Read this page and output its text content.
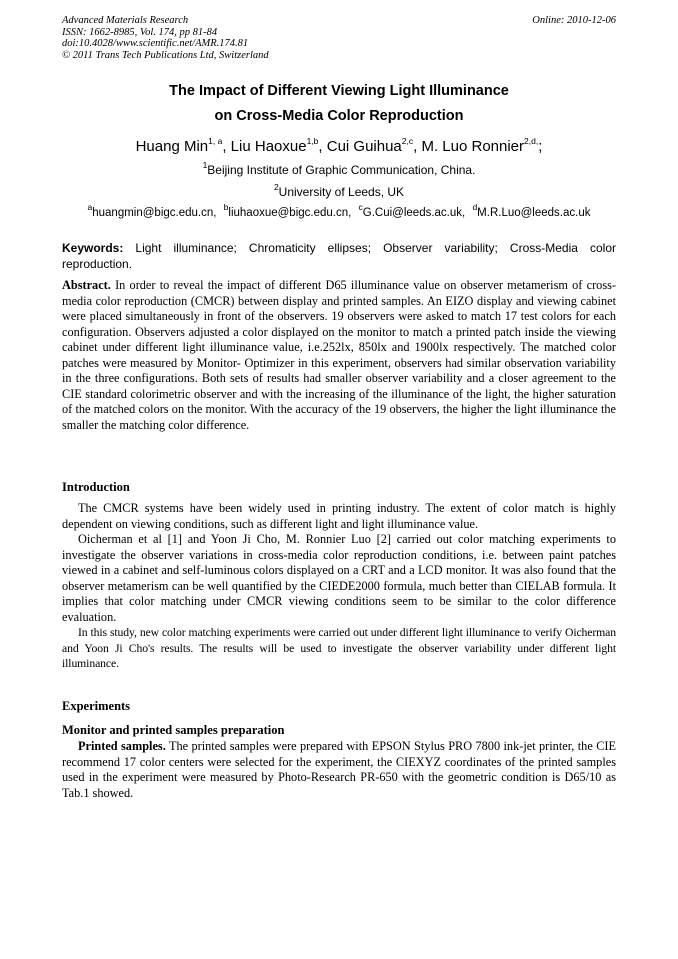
Advanced Materials Research
ISSN: 1662-8985, Vol. 174, pp 81-84
doi:10.4028/www.scientific.net/AMR.174.81
© 2011 Trans Tech Publications Ltd, Switzerland
Online: 2010-12-06
The Impact of Different Viewing Light Illuminance
on Cross-Media Color Reproduction
Huang Min$^{1, a}$, Liu Haoxue$^{1,b}$, Cui Guihua$^{2,c}$, M. Luo Ronnier$^{2,d,}$;
$^1$Beijing Institute of Graphic Communication, China.
$^2$University of Leeds, UK
$^a$huangmin@bigc.edu.cn, $^b$liuhaoxue@bigc.edu.cn, $^c$G.Cui@leeds.ac.uk, $^d$M.R.Luo@leeds.ac.uk
Keywords: Light illuminance; Chromaticity ellipses; Observer variability; Cross-Media color reproduction.
Abstract. In order to reveal the impact of different D65 illuminance value on observer metamerism of cross-media color reproduction (CMCR) between display and printed samples. An EIZO display and viewing cabinet were placed simultaneously in front of the observers. 19 observers were asked to match 17 test colors for each configuration. Observers adjusted a color displayed on the monitor to match a printed patch inside the viewing cabinet under different light illuminance value, i.e.252lx, 850lx and 1900lx respectively. The matched color patches were measured by Monitor- Optimizer in this experiment, observers had similar observation variability in the three configurations. Both sets of results had smaller observer variability and a closer agreement to the CIE standard colorimetric observer and with the increasing of the illuminance of the light, the higher saturation of the matched colors on the monitor. With the accuracy of the 19 observers, the higher the light illuminance the smaller the matching color difference.
Introduction

The CMCR systems have been widely used in printing industry. The extent of color match is highly dependent on viewing conditions, such as different light and light illuminance value.

Oicherman et al [1] and Yoon Ji Cho, M. Ronnier Luo [2] carried out color matching experiments to investigate the observer variations in cross-media color reproduction conditions, i.e. between paint patches viewed in a cabinet and self-luminous colors displayed on a CRT and a LCD monitor. It was also found that the observer metamerism can be well quantified by the CIEDE2000 formula, much better than CIELAB formula. It implies that color matching under CMCR viewing conditions seem to be similar to the color difference evaluation.

In this study, new color matching experiments were carried out under different light illuminance to verify Oicherman and Yoon Ji Cho's results. The results will be used to investigate the observer variability under different light illuminance.

Experiments
Monitor and printed samples preparation
Printed samples. The printed samples were prepared with EPSON Stylus PRO 7800 ink-jet printer, the CIE recommend 17 color centers were selected for the experiment, the CIEXYZ coordinates of the printed samples used in the experiment were measured by Photo-Research PR-650 with the geometric condition is D65/10 as Tab.1 showed.
